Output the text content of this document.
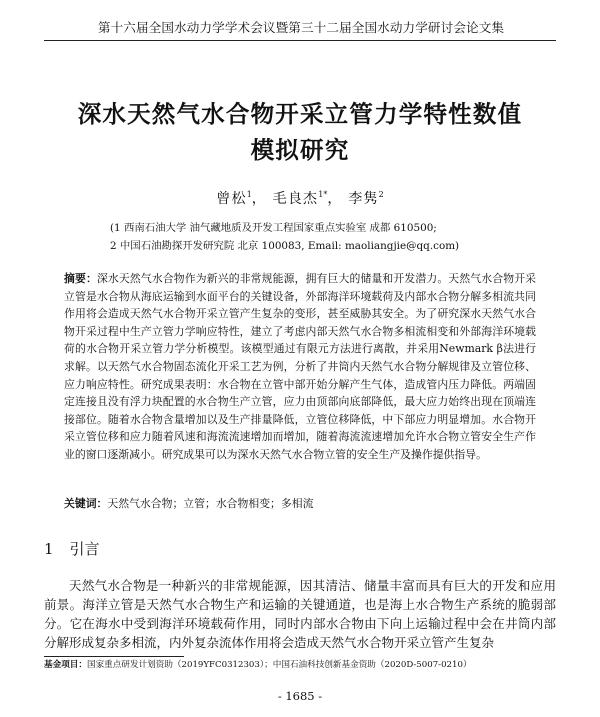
第十六届全国水动力学学术会议暨第三十二届全国水动力学研讨会论文集
深水天然气水合物开采立管力学特性数值
模拟研究
曾松$^1$， 毛良杰$^{1*}$， 李隽$^2$
(1 西南石油大学 油气藏地质及开发工程国家重点实验室 成都 610500;
2 中国石油勘探开发研究院 北京 100083, Email: maoliangjie@qq.com)
摘要：深水天然气水合物作为新兴的非常规能源，拥有巨大的储量和开发潜力。天然气水合物开采立管是水合物从海底运输到水面平台的关键设备，外部海洋环境载荷及内部水合物分解多相流共同作用将会造成天然气水合物开采立管产生复杂的变形，甚至威胁其安全。为了研究深水天然气水合物开采过程中生产立管力学响应特性，建立了考虑内部天然气水合物多相流相变和外部海洋环境载荷的水合物开采立管力学分析模型。该模型通过有限元方法进行离散，并采用Newmark β法进行求解。以天然气水合物固态流化开采工艺为例，分析了井筒内天然气水合物分解规律及立管位移、应力响应特性。研究成果表明：水合物在立管中部开始分解产生气体，造成管内压力降低。两端固定连接且没有浮力块配置的水合物生产立管，应力由顶部向底部降低，最大应力始终出现在顶端连接部位。随着水合物含量增加以及生产排量降低，立管位移降低，中下部应力明显增加。水合物开采立管位移和应力随着风速和海流流速增加而增加，随着海流流速增加允许水合物立管安全生产作业的窗口逐渐减小。研究成果可以为深水天然气水合物立管的安全生产及操作提供指导。
关键词：天然气水合物；立管；水合物相变；多相流
1 引言
天然气水合物是一种新兴的非常规能源，因其清洁、储量丰富而具有巨大的开发和应用前景。海洋立管是天然气水合物生产和运输的关键通道，也是海上水合物生产系统的脆弱部分。它在海水中受到海洋环境载荷作用，同时内部水合物由下向上运输过程中会在井筒内部分解形成复杂多相流，内外复杂流体作用将会造成天然气水合物开采立管产生复杂
基金项目：国家重点研发计划资助（2019YFC0312303）；中国石油科技创新基金资助（2020D-5007-0210）
- 1685 -
